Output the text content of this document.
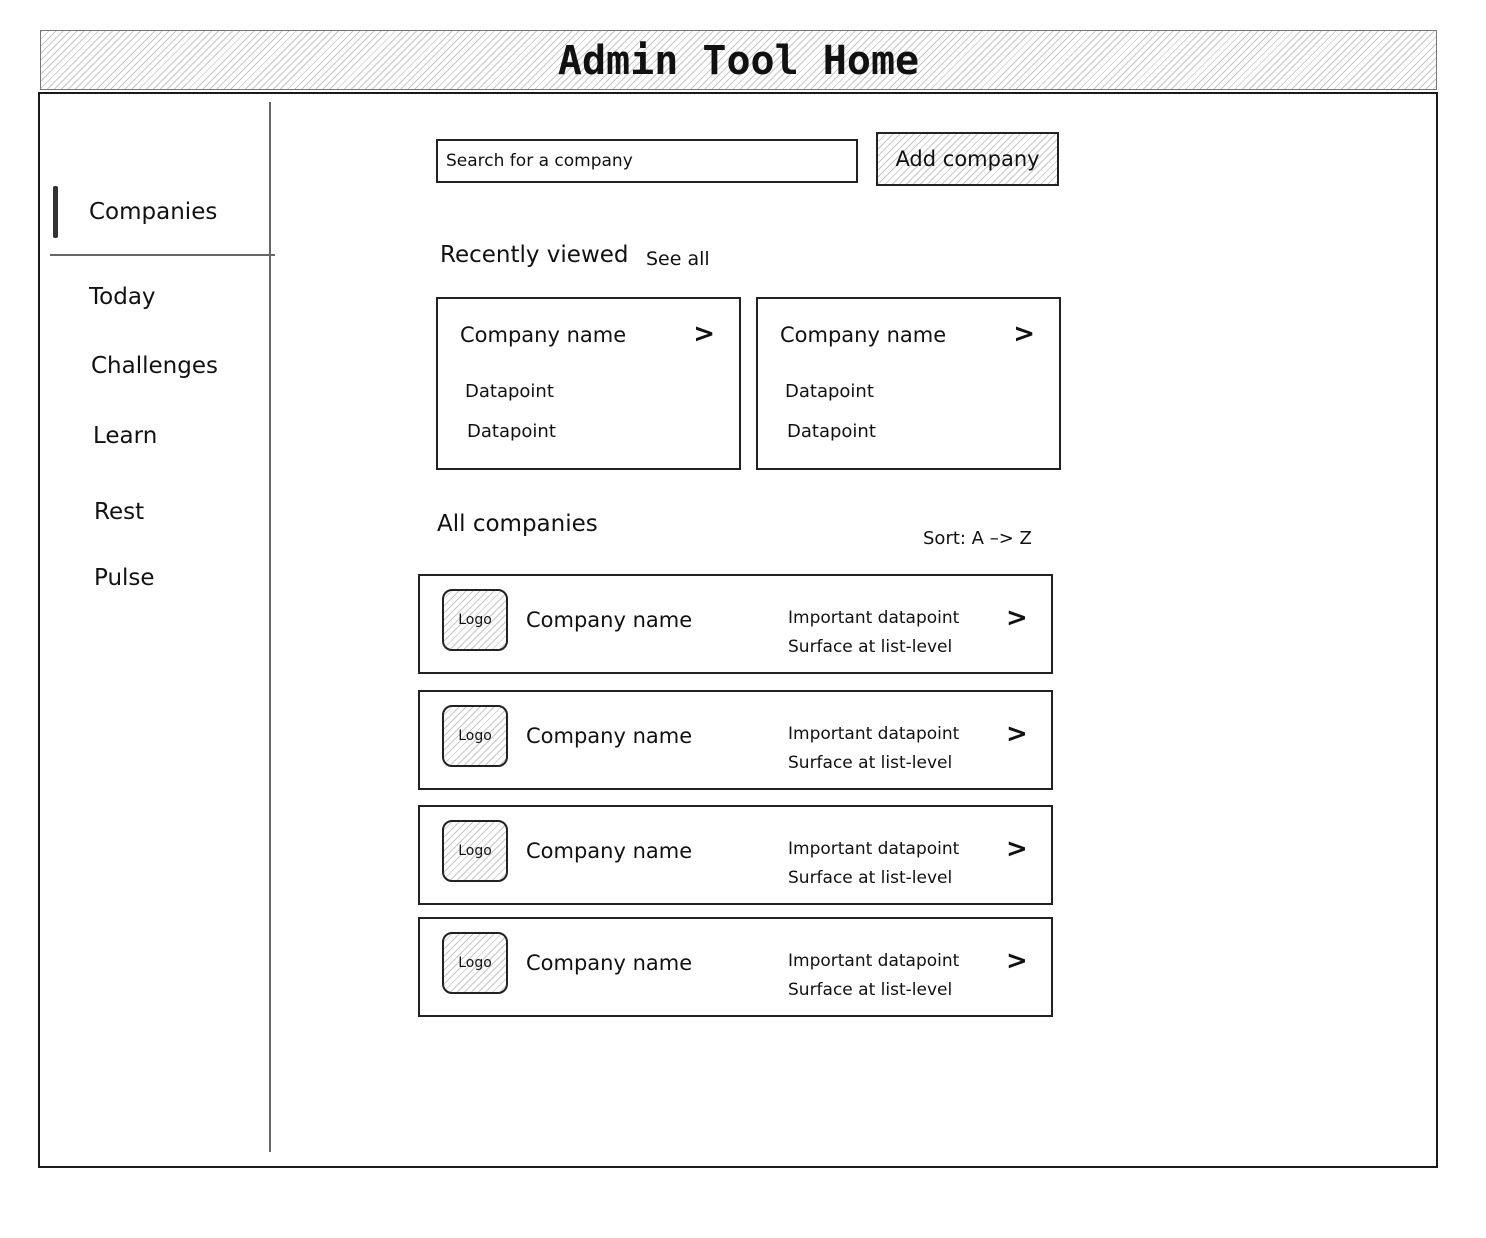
Admin Tool Home
Companies
Today
Challenges
Learn
Rest
Pulse
Search for a company
Add company
Recently viewed See all
Company name	>
Datapoint
Datapoint
Company name	>
Datapoint
Datapoint
All companies
Sort: A –> Z
Logo	Company name	Important datapoint
Surface at list-level
>
Logo	Company name	Important datapoint
Surface at list-level
>
Logo	Company name	Important datapoint
Surface at list-level
>
Logo	Company name	Important datapoint
Surface at list-level
>
